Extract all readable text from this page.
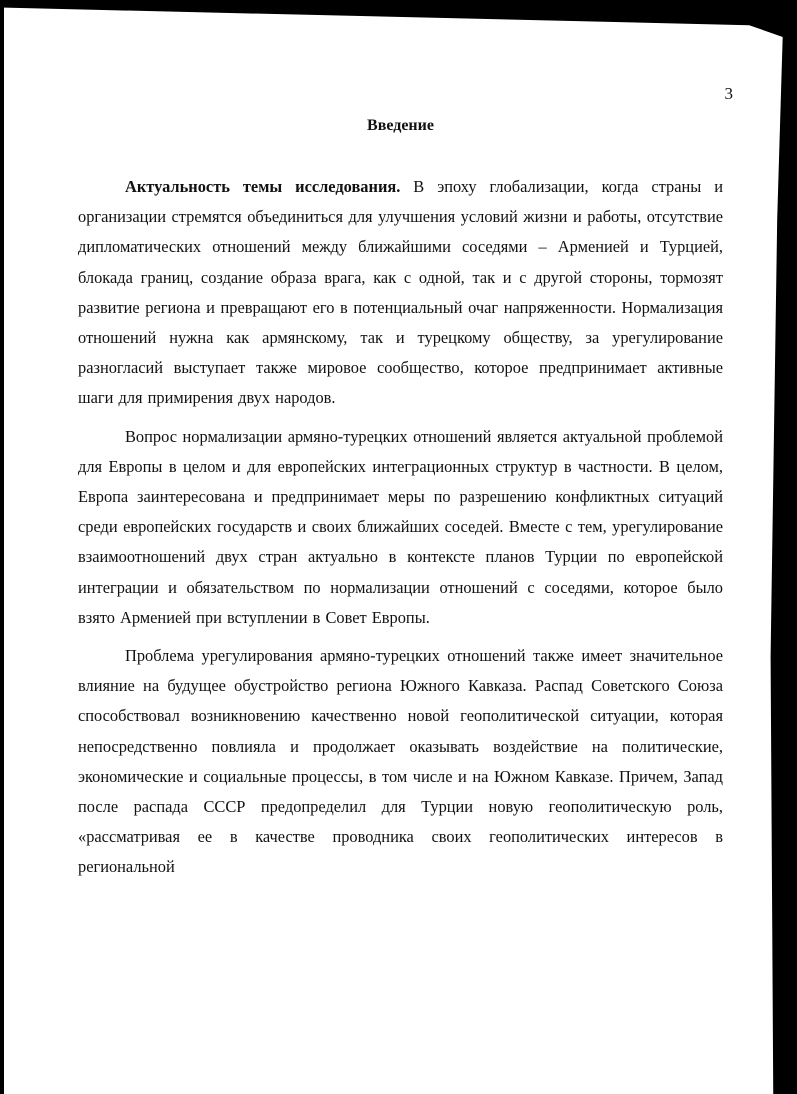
3
Введение

Актуальность темы исследования. В эпоху глобализации, когда страны и организации стремятся объединиться для улучшения условий жизни и работы, отсутствие дипломатических отношений между ближайшими соседями – Арменией и Турцией, блокада границ, создание образа врага, как с одной, так и с другой стороны, тормозят развитие региона и превращают его в потенциальный очаг напряженности. Нормализация отношений нужна как армянскому, так и турецкому обществу, за урегулирование разногласий выступает также мировое сообщество, которое предпринимает активные шаги для примирения двух народов.

Вопрос нормализации армяно-турецких отношений является актуальной проблемой для Европы в целом и для европейских интеграционных структур в частности. В целом, Европа заинтересована и предпринимает меры по разрешению конфликтных ситуаций среди европейских государств и своих ближайших соседей. Вместе с тем, урегулирование взаимоотношений двух стран актуально в контексте планов Турции по европейской интеграции и обязательством по нормализации отношений с соседями, которое было взято Арменией при вступлении в Совет Европы.

Проблема урегулирования армяно-турецких отношений также имеет значительное влияние на будущее обустройство региона Южного Кавказа. Распад Советского Союза способствовал возникновению качественно новой геополитической ситуации, которая непосредственно повлияла и продолжает оказывать воздействие на политические, экономические и социальные процессы, в том числе и на Южном Кавказе. Причем, Запад после распада СССР предопределил для Турции новую геополитическую роль, «рассматривая ее в качестве проводника своих геополитических интересов в региональной
